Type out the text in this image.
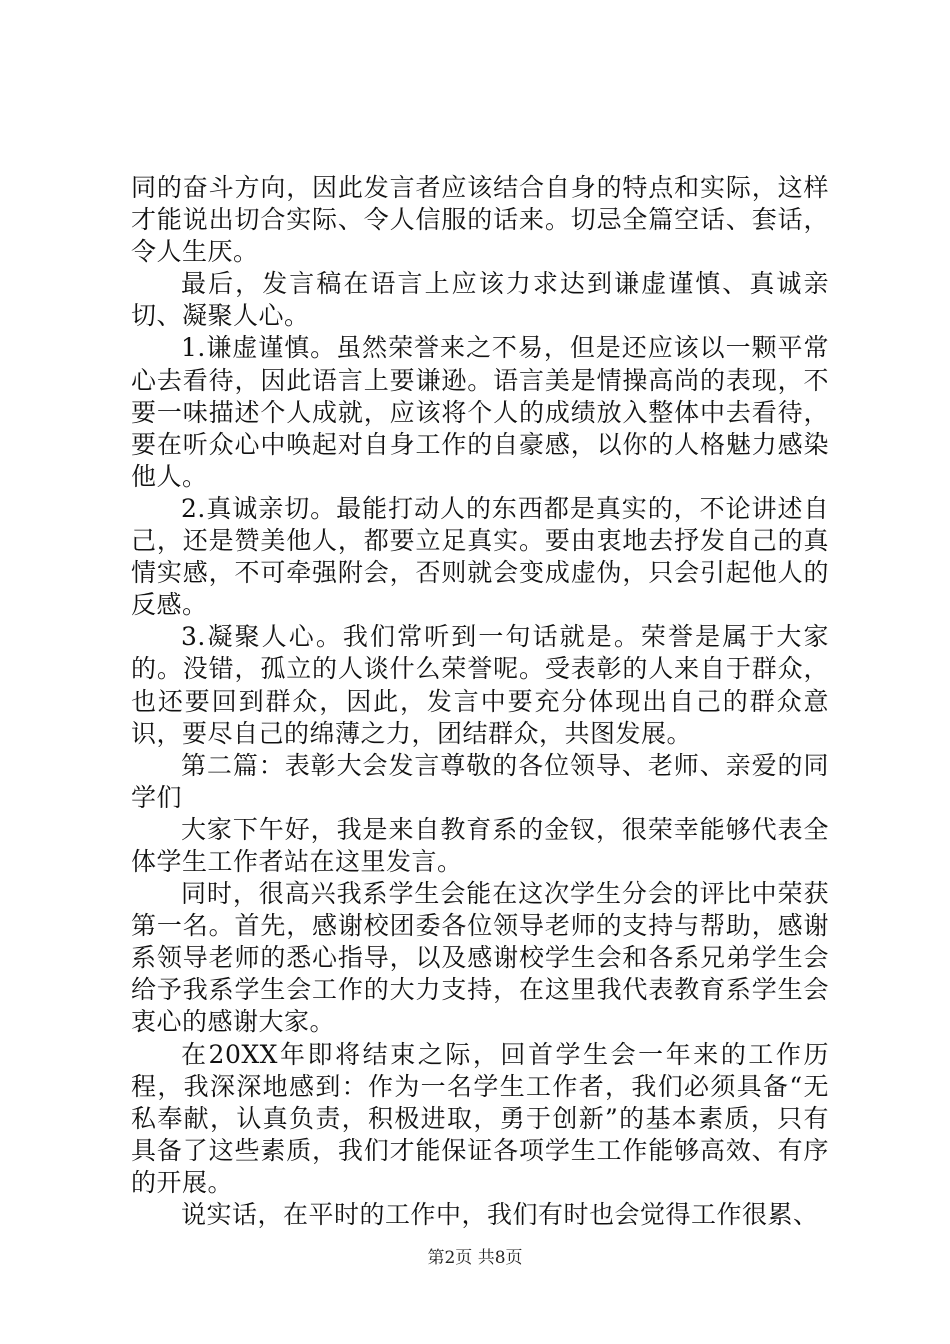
同的奋斗方向，因此发言者应该结合自身的特点和实际，这样才能说出切合实际、令人信服的话来。切忌全篇空话、套话，令人生厌。

最后，发言稿在语言上应该力求达到谦虚谨慎、真诚亲切、凝聚人心。

1.谦虚谨慎。虽然荣誉来之不易，但是还应该以一颗平常心去看待，因此语言上要谦逊。语言美是情操高尚的表现，不要一味描述个人成就，应该将个人的成绩放入整体中去看待，要在听众心中唤起对自身工作的自豪感，以你的人格魅力感染他人。

2.真诚亲切。最能打动人的东西都是真实的，不论讲述自己，还是赞美他人，都要立足真实。要由衷地去抒发自己的真情实感，不可牵强附会，否则就会变成虚伪，只会引起他人的反感。

3.凝聚人心。我们常听到一句话就是。荣誉是属于大家的。没错，孤立的人谈什么荣誉呢。受表彰的人来自于群众，也还要回到群众，因此，发言中要充分体现出自己的群众意识，要尽自己的绵薄之力，团结群众，共图发展。

第二篇：表彰大会发言尊敬的各位领导、老师、亲爱的同学们

大家下午好，我是来自教育系的金钗，很荣幸能够代表全体学生工作者站在这里发言。

同时，很高兴我系学生会能在这次学生分会的评比中荣获第一名。首先，感谢校团委各位领导老师的支持与帮助，感谢系领导老师的悉心指导，以及感谢校学生会和各系兄弟学生会给予我系学生会工作的大力支持，在这里我代表教育系学生会衷心的感谢大家。

在20XX年即将结束之际，回首学生会一年来的工作历程，我深深地感到：作为一名学生工作者，我们必须具备“无私奉献，认真负责，积极进取，勇于创新”的基本素质，只有具备了这些素质，我们才能保证各项学生工作能够高效、有序的开展。

说实话，在平时的工作中，我们有时也会觉得工作很累、

第2页 共8页
